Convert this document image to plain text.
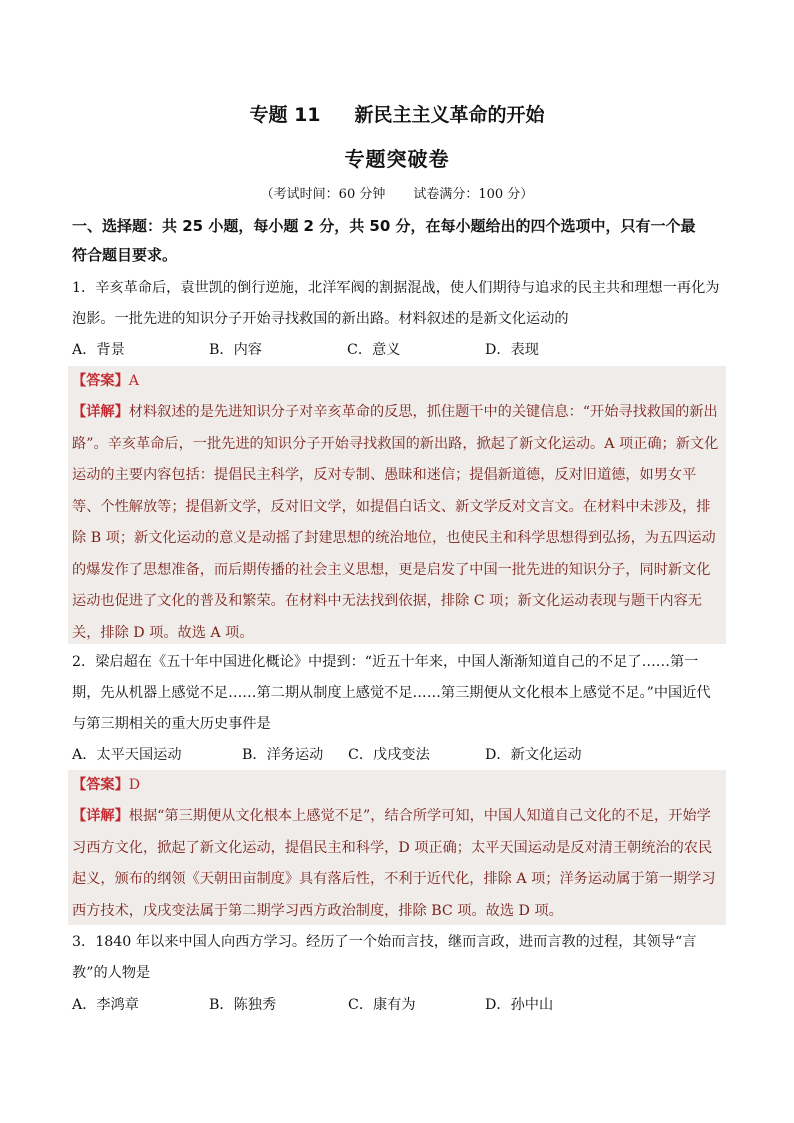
专题 11 新民主主义革命的开始
专题突破卷
（考试时间：60 分钟 试卷满分：100 分）
一、选择题：共 25 小题，每小题 2 分，共 50 分，在每小题给出的四个选项中，只有一个最
符合题目要求。
1．辛亥革命后，袁世凯的倒行逆施，北洋军阀的割据混战，使人们期待与追求的民主共和理想一再化为泡影。一批先进的知识分子开始寻找救国的新出路。材料叙述的是新文化运动的
A．背景	B．内容	C．意义	D．表现
【答案】A
【详解】材料叙述的是先进知识分子对辛亥革命的反思，抓住题干中的关键信息：“开始寻找救国的新出路”。辛亥革命后，一批先进的知识分子开始寻找救国的新出路，掀起了新文化运动。A 项正确；新文化运动的主要内容包括：提倡民主科学，反对专制、愚昧和迷信；提倡新道德，反对旧道德，如男女平等、个性解放等；提倡新文学，反对旧文学，如提倡白话文、新文学反对文言文。在材料中未涉及，排除 B 项；新文化运动的意义是动摇了封建思想的统治地位，也使民主和科学思想得到弘扬，为五四运动的爆发作了思想准备，而后期传播的社会主义思想，更是启发了中国一批先进的知识分子，同时新文化运动也促进了文化的普及和繁荣。在材料中无法找到依据，排除 C 项；新文化运动表现与题干内容无关，排除 D 项。故选 A 项。
2．梁启超在《五十年中国进化概论》中提到：“近五十年来，中国人渐渐知道自己的不足了……第一期，先从机器上感觉不足……第二期从制度上感觉不足……第三期便从文化根本上感觉不足。”中国近代与第三期相关的重大历史事件是
A．太平天国运动	B．洋务运动 C．戊戌变法	D．新文化运动
【答案】D
【详解】根据“第三期便从文化根本上感觉不足”，结合所学可知，中国人知道自己文化的不足，开始学习西方文化，掀起了新文化运动，提倡民主和科学，D 项正确；太平天国运动是反对清王朝统治的农民起义，颁布的纲领《天朝田亩制度》具有落后性，不利于近代化，排除 A 项；洋务运动属于第一期学习西方技术，戊戌变法属于第二期学习西方政治制度，排除 BC 项。故选 D 项。
3．1840 年以来中国人向西方学习。经历了一个始而言技，继而言政，进而言教的过程，其领导“言教”的人物是
A．李鸿章	B．陈独秀	C．康有为	D．孙中山
